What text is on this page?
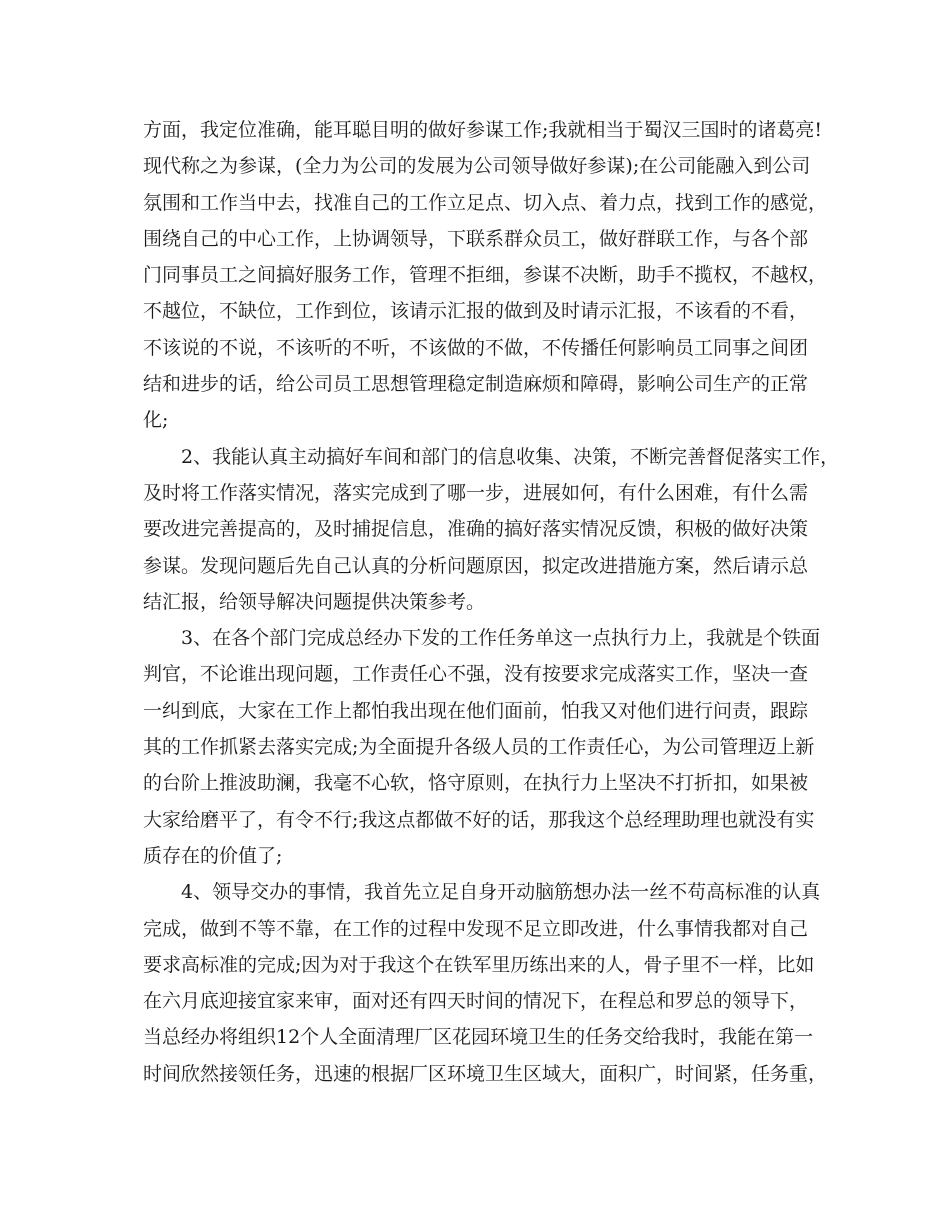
方面，我定位准确，能耳聪目明的做好参谋工作;我就相当于蜀汉三国时的诸葛亮!
现代称之为参谋，(全力为公司的发展为公司领导做好参谋);在公司能融入到公司
氛围和工作当中去，找准自己的工作立足点、切入点、着力点，找到工作的感觉，
围绕自己的中心工作，上协调领导，下联系群众员工，做好群联工作，与各个部
门同事员工之间搞好服务工作，管理不拒细，参谋不决断，助手不揽权，不越权，
不越位，不缺位，工作到位，该请示汇报的做到及时请示汇报，不该看的不看，
不该说的不说，不该听的不听，不该做的不做，不传播任何影响员工同事之间团
结和进步的话，给公司员工思想管理稳定制造麻烦和障碍，影响公司生产的正常
化;
2、我能认真主动搞好车间和部门的信息收集、决策，不断完善督促落实工作，
及时将工作落实情况，落实完成到了哪一步，进展如何，有什么困难，有什么需
要改进完善提高的，及时捕捉信息，准确的搞好落实情况反馈，积极的做好决策
参谋。发现问题后先自己认真的分析问题原因，拟定改进措施方案，然后请示总
结汇报，给领导解决问题提供决策参考。
3、在各个部门完成总经办下发的工作任务单这一点执行力上，我就是个铁面
判官，不论谁出现问题，工作责任心不强，没有按要求完成落实工作，坚决一查
一纠到底，大家在工作上都怕我出现在他们面前，怕我又对他们进行问责，跟踪
其的工作抓紧去落实完成;为全面提升各级人员的工作责任心，为公司管理迈上新
的台阶上推波助澜，我毫不心软，恪守原则，在执行力上坚决不打折扣，如果被
大家给磨平了，有令不行;我这点都做不好的话，那我这个总经理助理也就没有实
质存在的价值了;
4、领导交办的事情，我首先立足自身开动脑筋想办法一丝不苟高标准的认真
完成，做到不等不靠，在工作的过程中发现不足立即改进，什么事情我都对自己
要求高标准的完成;因为对于我这个在铁军里历练出来的人，骨子里不一样，比如
在六月底迎接宜家来审，面对还有四天时间的情况下，在程总和罗总的领导下，
当总经办将组织12个人全面清理厂区花园环境卫生的任务交给我时，我能在第一
时间欣然接领任务，迅速的根据厂区环境卫生区域大，面积广，时间紧，任务重，
